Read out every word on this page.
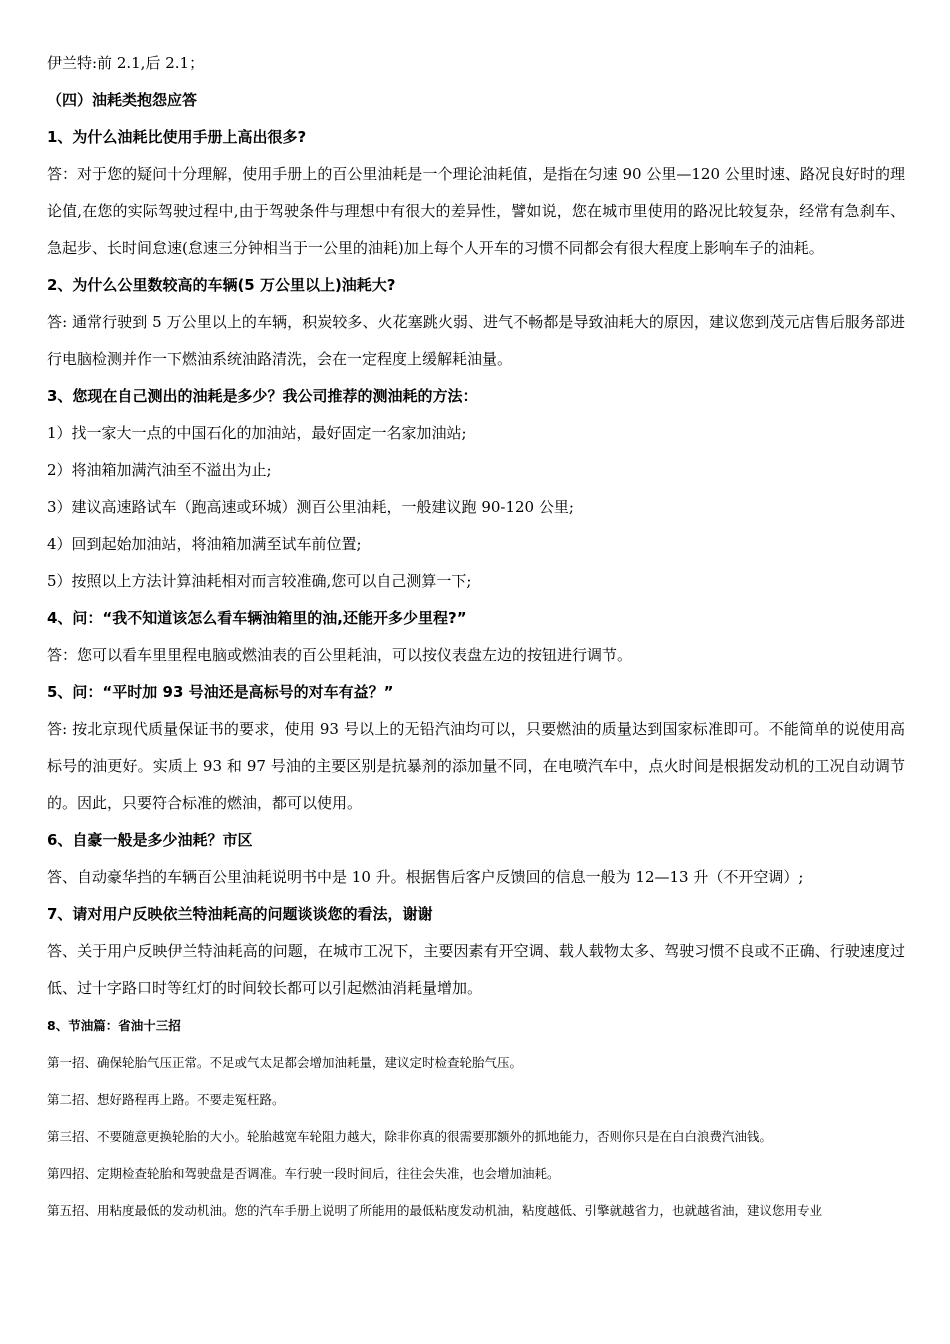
伊兰特:前 2.1,后 2.1；

（四）油耗类抱怨应答

1、为什么油耗比使用手册上高出很多?

答：对于您的疑问十分理解，使用手册上的百公里油耗是一个理论油耗值，是指在匀速 90 公里—120 公里时速、路况良好时的理论值,在您的实际驾驶过程中,由于驾驶条件与理想中有很大的差异性，譬如说，您在城市里使用的路况比较复杂，经常有急刹车、急起步、长时间怠速(怠速三分钟相当于一公里的油耗)加上每个人开车的习惯不同都会有很大程度上影响车子的油耗。

2、为什么公里数较高的车辆(5 万公里以上)油耗大?

答: 通常行驶到 5 万公里以上的车辆，积炭较多、火花塞跳火弱、进气不畅都是导致油耗大的原因，建议您到茂元店售后服务部进行电脑检测并作一下燃油系统油路清洗，会在一定程度上缓解耗油量。

3、您现在自己测出的油耗是多少？我公司推荐的测油耗的方法：

1）找一家大一点的中国石化的加油站，最好固定一名家加油站;

2）将油箱加满汽油至不溢出为止;

3）建议高速路试车（跑高速或环城）测百公里油耗，一般建议跑 90-120 公里;

4）回到起始加油站，将油箱加满至试车前位置;

5）按照以上方法计算油耗相对而言较准确,您可以自己测算一下;

4、问：“我不知道该怎么看车辆油箱里的油,还能开多少里程?”

答：您可以看车里里程电脑或燃油表的百公里耗油，可以按仪表盘左边的按钮进行调节。

5、问：“平时加 93 号油还是高标号的对车有益？”

答: 按北京现代质量保证书的要求，使用 93 号以上的无铅汽油均可以，只要燃油的质量达到国家标准即可。不能简单的说使用高标号的油更好。实质上 93 和 97 号油的主要区别是抗暴剂的添加量不同，在电喷汽车中，点火时间是根据发动机的工况自动调节的。因此，只要符合标准的燃油，都可以使用。

6、自豪一般是多少油耗？市区

答、自动豪华挡的车辆百公里油耗说明书中是 10 升。根据售后客户反馈回的信息一般为 12—13 升（不开空调）;

7、请对用户反映依兰特油耗高的问题谈谈您的看法，谢谢

答、关于用户反映伊兰特油耗高的问题，在城市工况下，主要因素有开空调、载人载物太多、驾驶习惯不良或不正确、行驶速度过低、过十字路口时等红灯的时间较长都可以引起燃油消耗量增加。

8、节油篇：省油十三招

第一招、确保轮胎气压正常。不足或气太足都会增加油耗量，建议定时检查轮胎气压。

第二招、想好路程再上路。不要走冤枉路。

第三招、不要随意更换轮胎的大小。轮胎越宽车轮阻力越大，除非你真的很需要那额外的抓地能力，否则你只是在白白浪费汽油钱。

第四招、定期检查轮胎和驾驶盘是否调准。车行驶一段时间后，往往会失准，也会增加油耗。

第五招、用粘度最低的发动机油。您的汽车手册上说明了所能用的最低粘度发动机油，粘度越低、引擎就越省力，也就越省油，建议您用专业
